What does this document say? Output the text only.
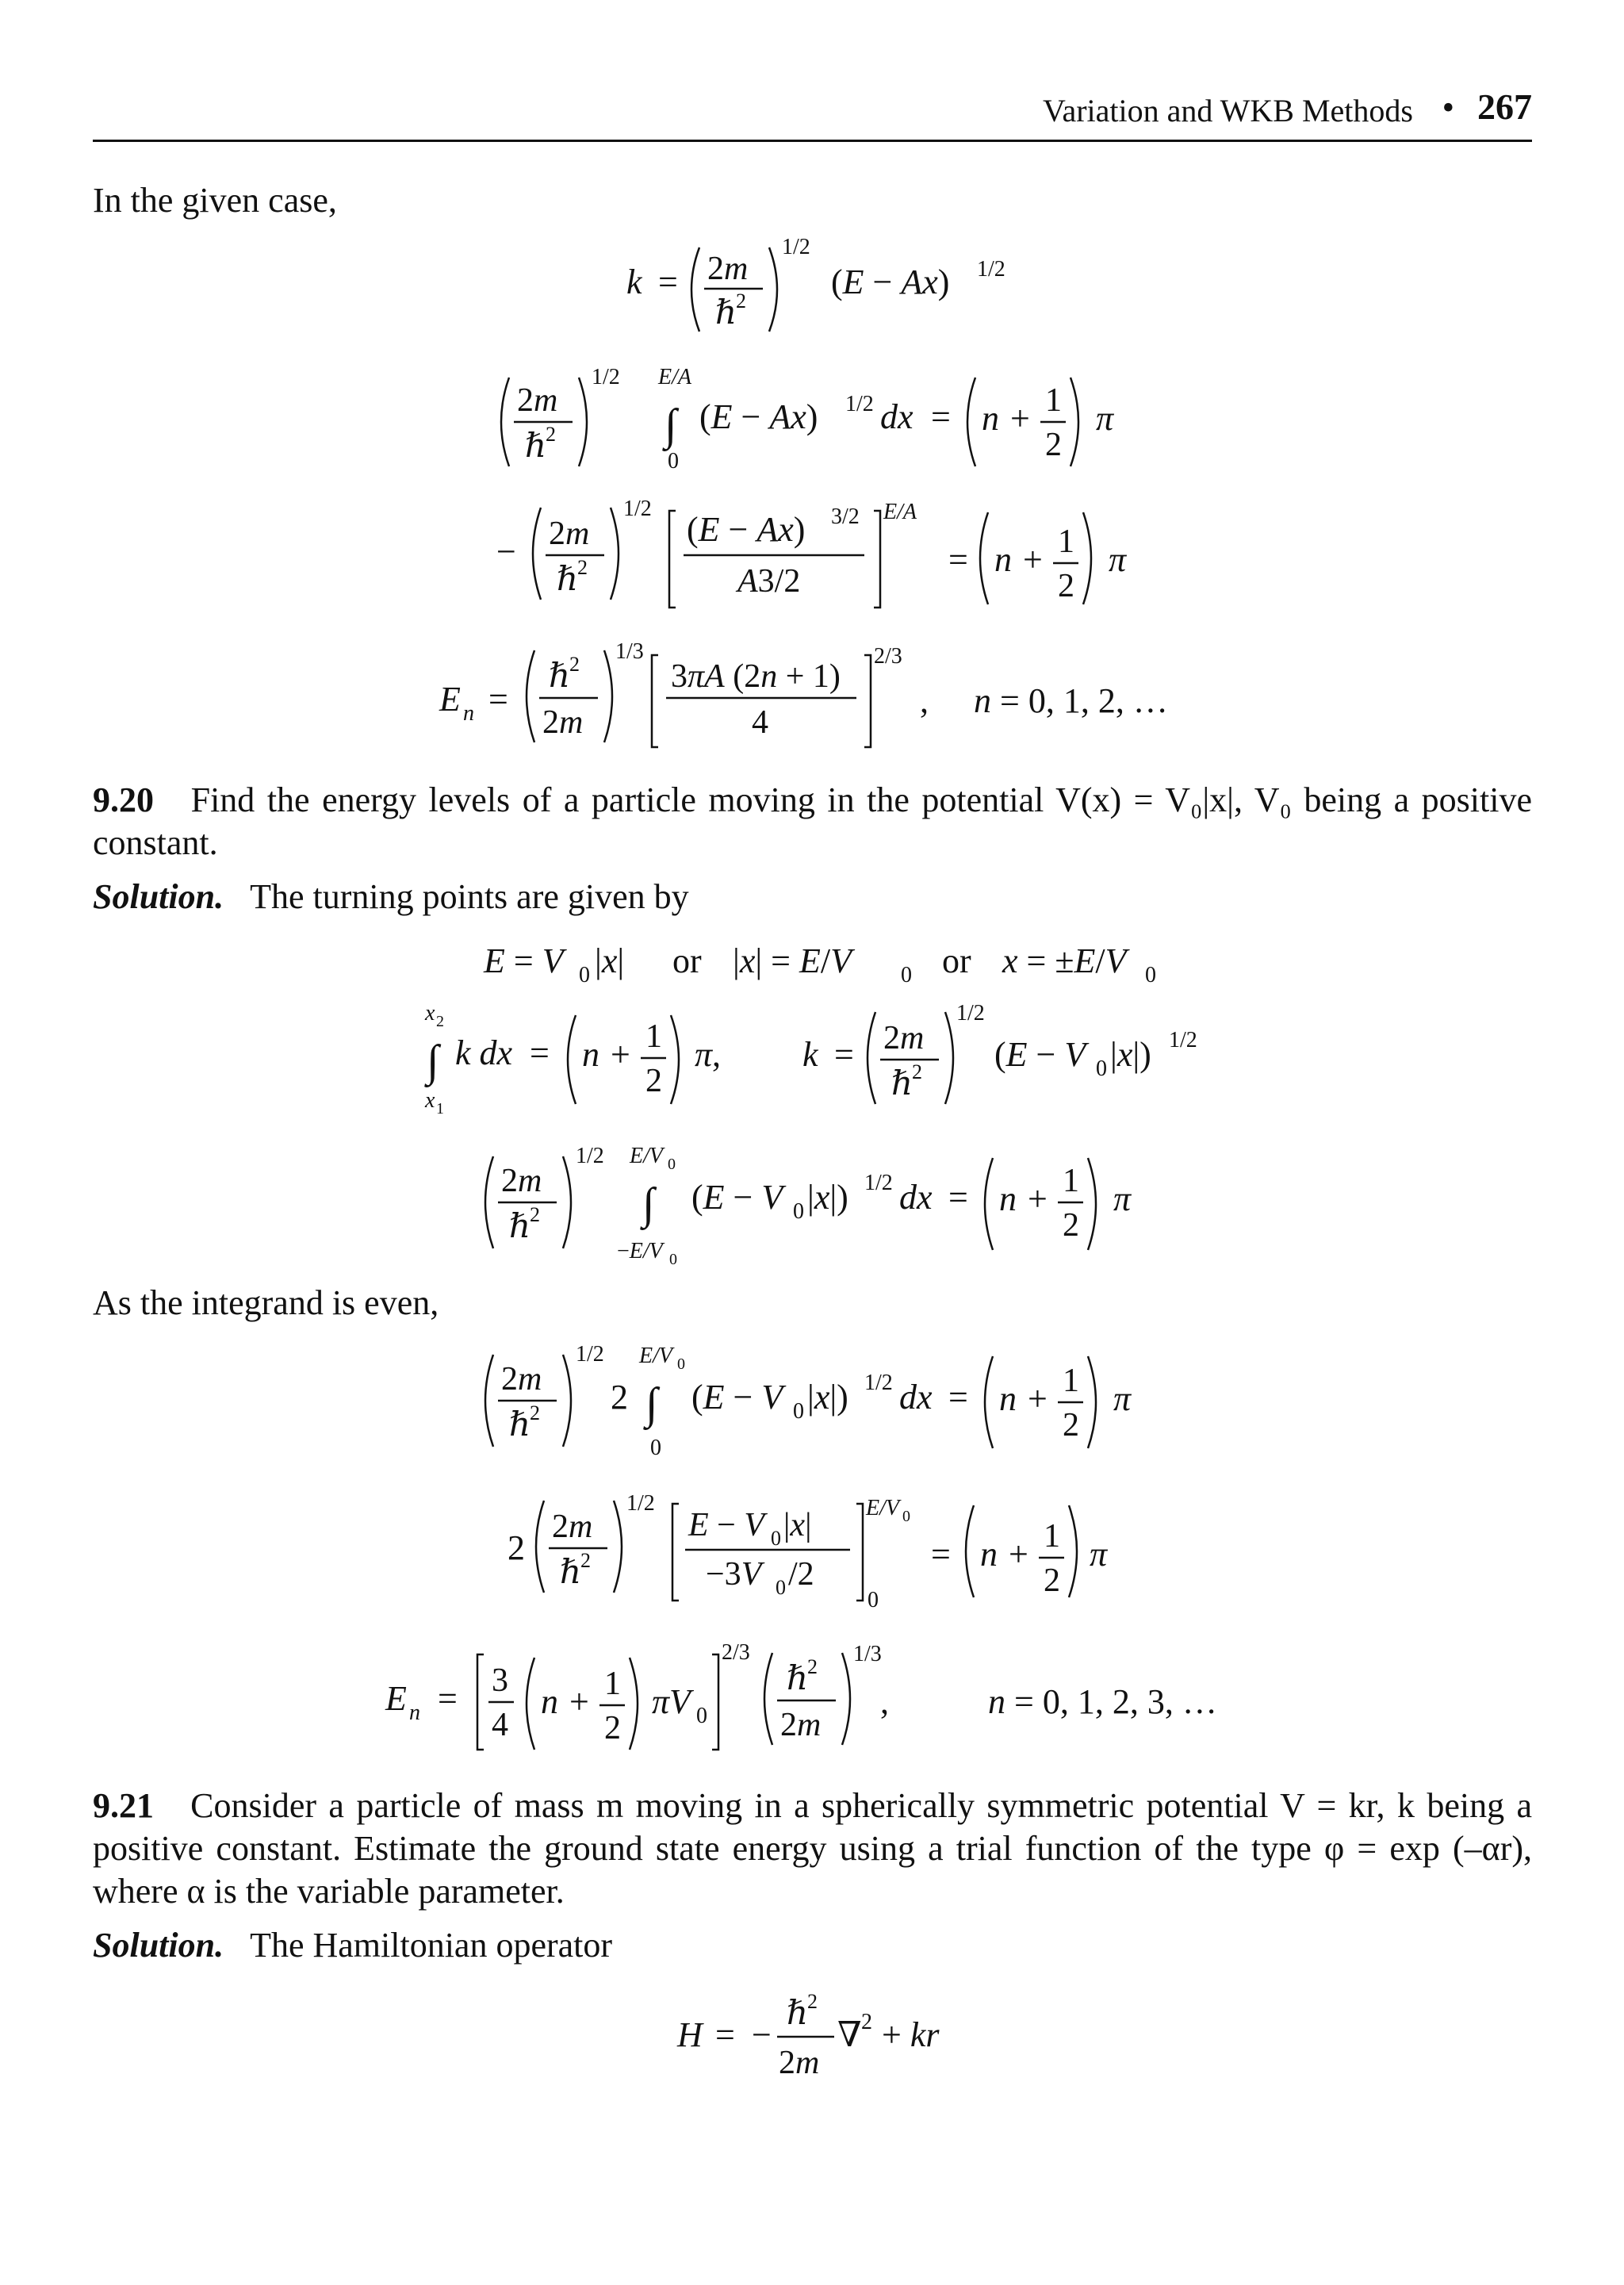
Variation and WKB Methods • 267
In the given case,
k = 2m
ℏ
2
1/2
(E − Ax) 1/2
2m
ℏ
2
1/2 E/A
∫
0
(E − Ax) 1/2 dx = n + 1
2
π
− 2m
ℏ
2
1/2
(E − Ax) 3/2
A3/2
E/A
= n + 1
2
π
E n =
ℏ
2
2m
1/3
3πA (2n + 1)
4
2/3
, n = 0, 1, 2, …
9.20 Find the energy levels of a particle moving in the potential V(x) = V₀|x|, V₀ being a positive constant.
Solution. The turning points are given by
E = V 0 |x| or |x| = E/V 0 or x = ±E/V 0
x 2
∫
x 1
k dx = n + 1
2
π, k = 2m
ℏ
2
1/2
(E − V 0 |x|) 1/2
2m
ℏ
2
1/2 E/V 0
∫
−E/V 0
(E − V 0 |x|) 1/2 dx = n + 1
2
π
As the integrand is even,
2m
ℏ
2
1/2
2
E/V 0
∫
0
(E − V 0 |x|) 1/2 dx = n + 1
2
π
2
2m
ℏ
2
1/2
E − V 0 |x|
−3V 0 /2
E/V 0
0
= n + 1
2
π
E n = 3
4
n + 1
2
πV 0
2/3
ℏ
2
2m
1/3
,	n = 0, 1, 2, 3, …
9.21 Consider a particle of mass m moving in a spherically symmetric potential V = kr, k being a positive constant. Estimate the ground state energy using a trial function of the type φ = exp (–αr), where α is the variable parameter.
Solution. The Hamiltonian operator
H = −
ℏ
2
2m
∇ 2 + kr
